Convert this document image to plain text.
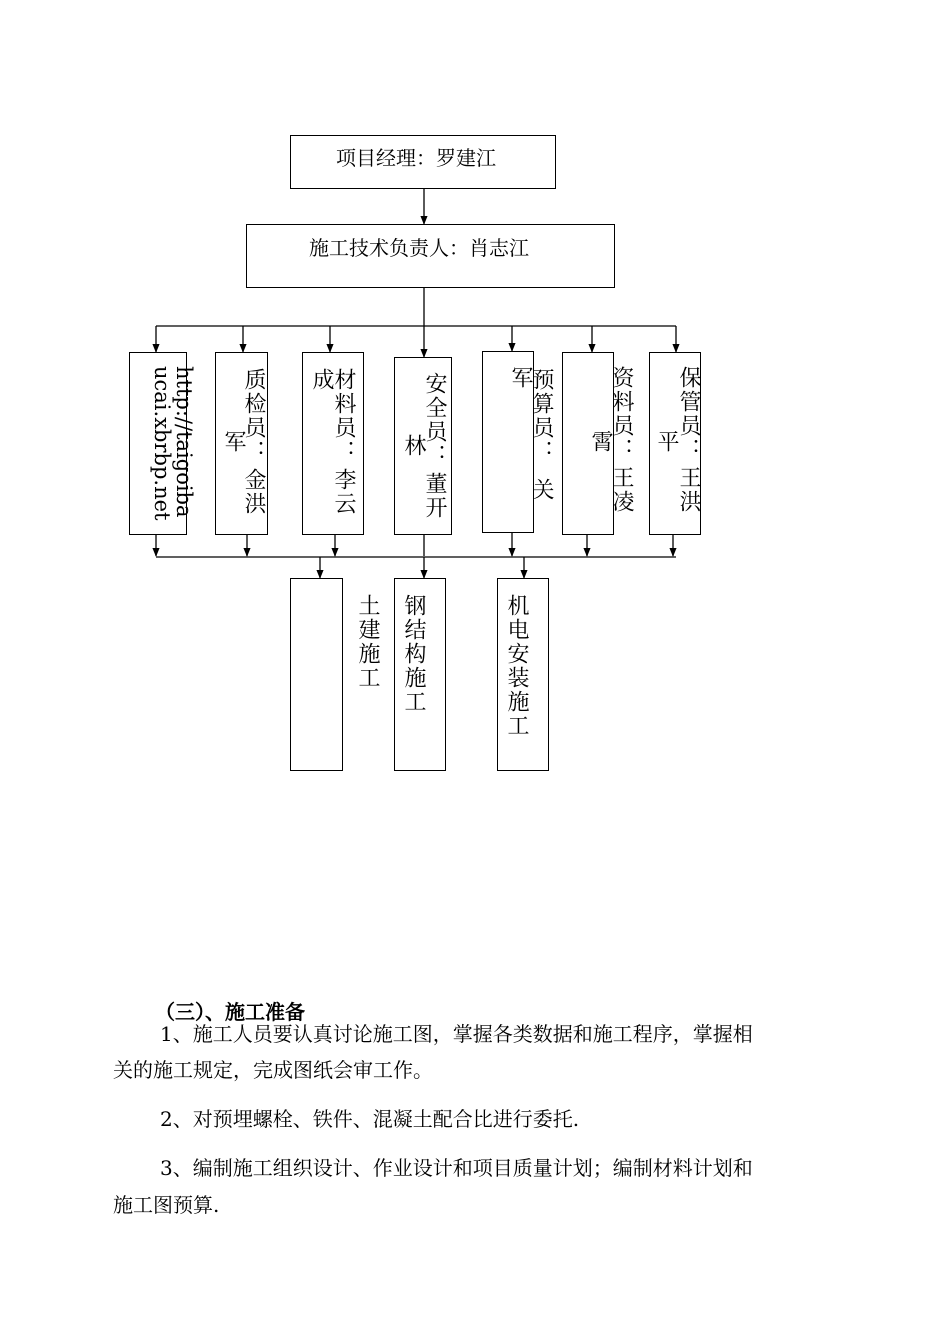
项目经理：罗建江
施工技术负责人：肖志江
http://taigoiba
ucai.xbrbp.net	质检员：
金洪
军	材料员：
李云
成	安全员：
董开
林	预算员：
关
军	资料员：
王凌
霄	保管员：
王洪
平
土建施工 钢结构施工	机电安装施工
（三）、施工准备
1、施工人员要认真讨论施工图，掌握各类数据和施工程序，掌握相
关的施工规定，完成图纸会审工作。
2、对预埋螺栓、铁件、混凝土配合比进行委托.
3、编制施工组织设计、作业设计和项目质量计划；编制材料计划和
施工图预算.
